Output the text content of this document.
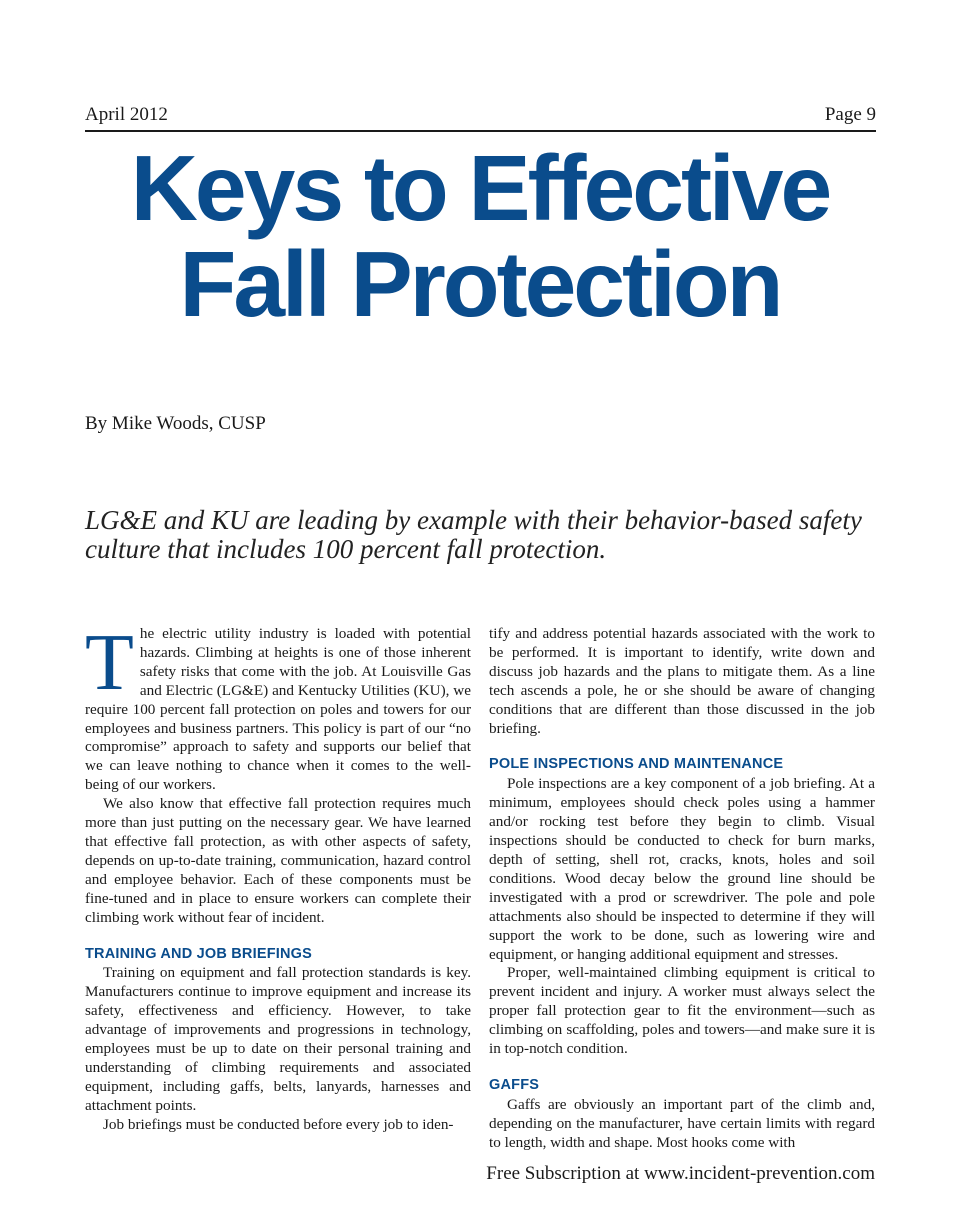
April 2012	Page 9
Keys to Effective
Fall Protection
By Mike Woods, CUSP
LG&E and KU are leading by example with their behavior-based safety culture that includes 100 percent fall protection.

The electric utility industry is loaded with potential hazards. Climbing at heights is one of those inherent safety risks that come with the job. At Louisville Gas and Electric (LG&E) and Kentucky Utilities (KU), we require 100 percent fall protection on poles and towers for our employees and business partners. This policy is part of our “no compromise” approach to safety and supports our belief that we can leave nothing to chance when it comes to the well-being of our workers.

We also know that effective fall protection requires much more than just putting on the necessary gear. We have learned that effective fall protection, as with other aspects of safety, depends on up-to-date training, communication, hazard control and employee behavior. Each of these components must be fine-tuned and in place to ensure workers can complete their climbing work without fear of incident.

TRAINING AND JOB BRIEFINGS

Training on equipment and fall protection standards is key. Manufacturers continue to improve equipment and increase its safety, effectiveness and efficiency. However, to take advantage of improvements and progressions in technology, employees must be up to date on their personal training and understanding of climbing requirements and associated equipment, including gaffs, belts, lanyards, harnesses and attachment points.

Job briefings must be conducted before every job to iden-

tify and address potential hazards associated with the work to be performed. It is important to identify, write down and discuss job hazards and the plans to mitigate them. As a line tech ascends a pole, he or she should be aware of changing conditions that are different than those discussed in the job briefing.

POLE INSPECTIONS AND MAINTENANCE

Pole inspections are a key component of a job briefing. At a minimum, employees should check poles using a hammer and/or rocking test before they begin to climb. Visual inspections should be conducted to check for burn marks, depth of setting, shell rot, cracks, knots, holes and soil conditions. Wood decay below the ground line should be investigated with a prod or screwdriver. The pole and pole attachments also should be inspected to determine if they will support the work to be done, such as lowering wire and equipment, or hanging additional equipment and stresses.

Proper, well-maintained climbing equipment is critical to prevent incident and injury. A worker must always select the proper fall protection gear to fit the environment—such as climbing on scaffolding, poles and towers—and make sure it is in top-notch condition.

GAFFS

Gaffs are obviously an important part of the climb and, depending on the manufacturer, have certain limits with regard to length, width and shape. Most hooks come with

Free Subscription at www.incident-prevention.com
